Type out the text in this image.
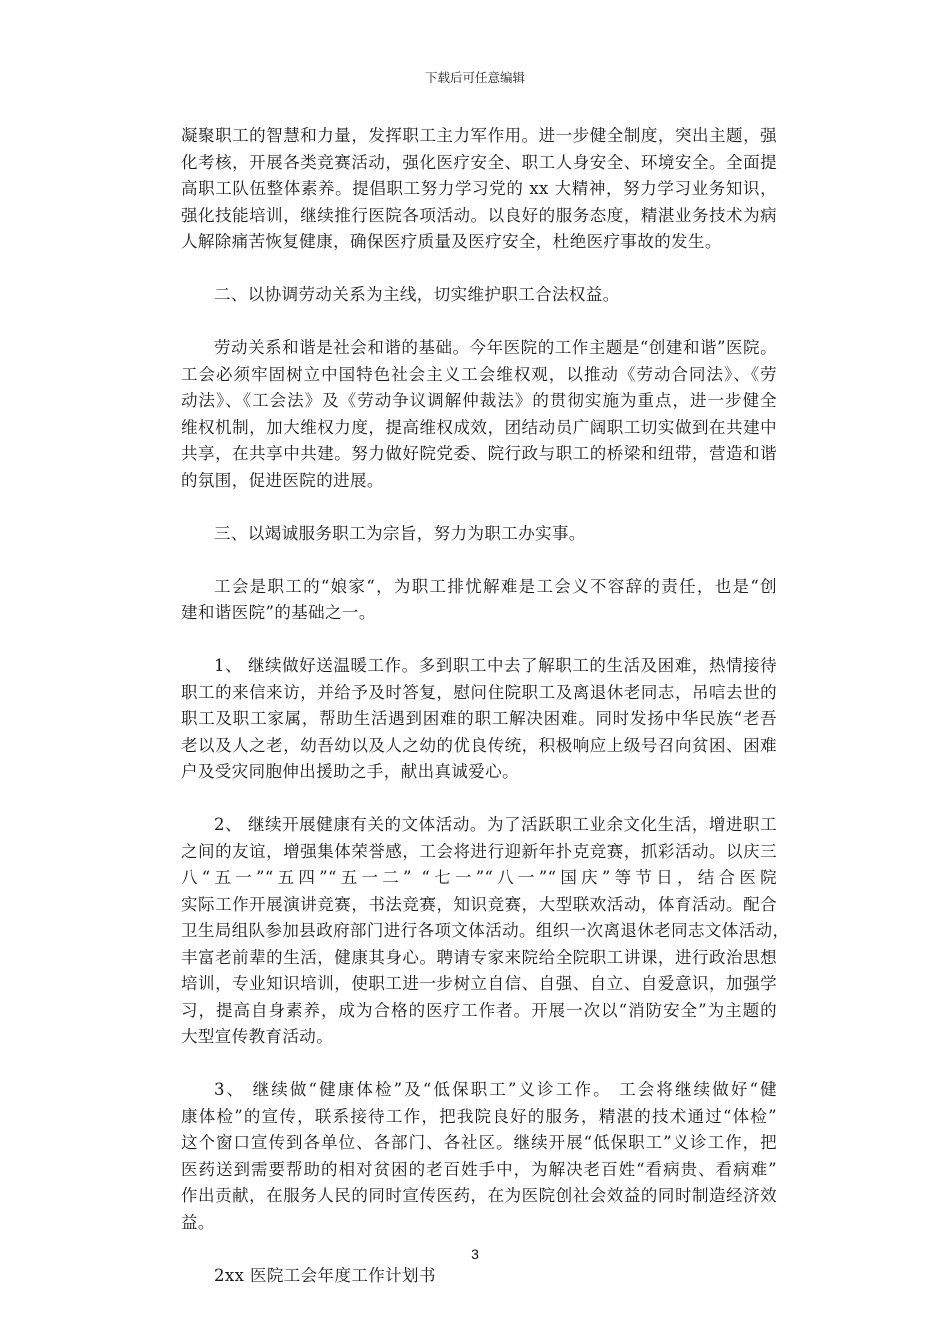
下载后可任意编辑
凝聚职工的智慧和力量，发挥职工主力军作用。进一步健全制度，突出主题，强
化考核，开展各类竞赛活动，强化医疗安全、职工人身安全、环境安全。全面提
高职工队伍整体素养。提倡职工努力学习党的 xx 大精神，努力学习业务知识，
强化技能培训，继续推行医院各项活动。以良好的服务态度，精湛业务技术为病
人解除痛苦恢复健康，确保医疗质量及医疗安全，杜绝医疗事故的发生。
二、以协调劳动关系为主线，切实维护职工合法权益。
劳动关系和谐是社会和谐的基础。今年医院的工作主题是“创建和谐”医院。
工会必须牢固树立中国特色社会主义工会维权观，以推动《劳动合同法》、《劳
动法》、《工会法》及《劳动争议调解仲裁法》的贯彻实施为重点，进一步健全
维权机制，加大维权力度，提高维权成效，团结动员广阔职工切实做到在共建中
共享，在共享中共建。努力做好院党委、院行政与职工的桥梁和纽带，营造和谐
的氛围，促进医院的进展。
三、以竭诚服务职工为宗旨，努力为职工办实事。
工会是职工的“娘家“，为职工排忧解难是工会义不容辞的责任，也是“创
建和谐医院”的基础之一。
1、 继续做好送温暖工作。多到职工中去了解职工的生活及困难，热情接待
职工的来信来访，并给予及时答复，慰问住院职工及离退休老同志，吊唁去世的
职工及职工家属，帮助生活遇到困难的职工解决困难。同时发扬中华民族“老吾
老以及人之老，幼吾幼以及人之幼的优良传统，积极响应上级号召向贫困、困难
户及受灾同胞伸出援助之手，献出真诚爱心。
2、 继续开展健康有关的文体活动。为了活跃职工业余文化生活，增进职工
之间的友谊，增强集体荣誉感，工会将进行迎新年扑克竞赛，抓彩活动。以庆三
八“五一”“五四”“五一二” “七一”“八一”“国庆”等节日，结合医院
实际工作开展演讲竞赛，书法竞赛，知识竞赛，大型联欢活动，体育活动。配合
卫生局组队参加县政府部门进行各项文体活动。组织一次离退休老同志文体活动，
丰富老前辈的生活，健康其身心。聘请专家来院给全院职工讲课，进行政治思想
培训，专业知识培训，使职工进一步树立自信、自强、自立、自爱意识，加强学
习，提高自身素养，成为合格的医疗工作者。开展一次以“消防安全”为主题的
大型宣传教育活动。
3、 继续做“健康体检”及“低保职工”义诊工作。 工会将继续做好“健
康体检”的宣传，联系接待工作，把我院良好的服务，精湛的技术通过“体检”
这个窗口宣传到各单位、各部门、各社区。继续开展“低保职工”义诊工作，把
医药送到需要帮助的相对贫困的老百姓手中，为解决老百姓“看病贵、看病难”
作出贡献，在服务人民的同时宣传医药，在为医院创社会效益的同时制造经济效
益。
2xx 医院工会年度工作计划书
3
